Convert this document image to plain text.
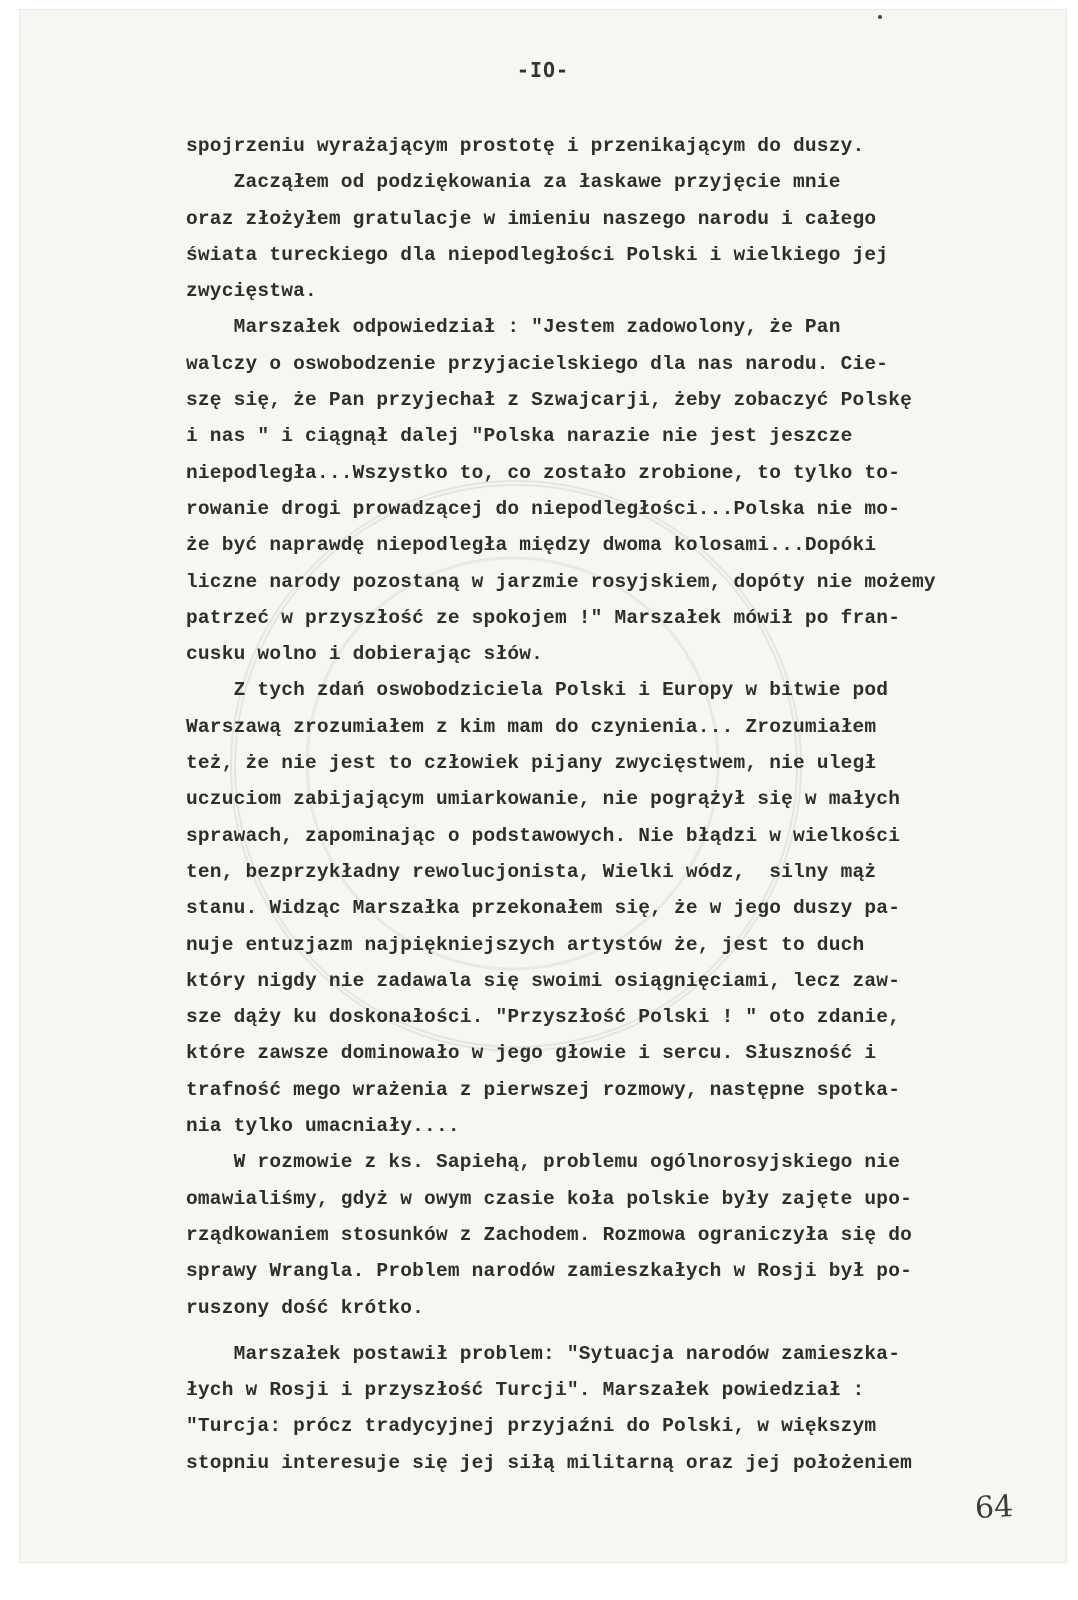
-IO-
spojrzeniu wyrażającym prostotę i przenikającym do duszy.
Zacząłem od podziękowania za łaskawe przyjęcie mnie
oraz złożyłem gratulacje w imieniu naszego narodu i całego
świata tureckiego dla niepodległości Polski i wielkiego jej
zwycięstwa.
Marszałek odpowiedział : "Jestem zadowolony, że Pan
walczy o oswobodzenie przyjacielskiego dla nas narodu. Cie-
szę się, że Pan przyjechał z Szwajcarji, żeby zobaczyć Polskę
i nas " i ciągnął dalej "Polska narazie nie jest jeszcze
niepodległa...Wszystko to, co zostało zrobione, to tylko to-
rowanie drogi prowadzącej do niepodległości...Polska nie mo-
że być naprawdę niepodległa między dwoma kolosami...Dopóki
liczne narody pozostaną w jarzmie rosyjskiem, dopóty nie możemy
patrzeć w przyszłość ze spokojem !" Marszałek mówił po fran-
cusku wolno i dobierając słów.
Z tych zdań oswobodziciela Polski i Europy w bitwie pod
Warszawą zrozumiałem z kim mam do czynienia... Zrozumiałem
też, że nie jest to człowiek pijany zwycięstwem, nie uległ
uczuciom zabijającym umiarkowanie, nie pogrążył się w małych
sprawach, zapominając o podstawowych. Nie błądzi w wielkości
ten, bezprzykładny rewolucjonista, Wielki wódz,  silny mąż
stanu. Widząc Marszałka przekonałem się, że w jego duszy pa-
nuje entuzjazm najpiękniejszych artystów że, jest to duch
który nigdy nie zadawala się swoimi osiągnięciami, lecz zaw-
sze dąży ku doskonałości. "Przyszłość Polski ! " oto zdanie,
które zawsze dominowało w jego głowie i sercu. Słuszność i
trafność mego wrażenia z pierwszej rozmowy, następne spotka-
nia tylko umacniały....
W rozmowie z ks. Sapiehą, problemu ogólnorosyjskiego nie
omawialiśmy, gdyż w owym czasie koła polskie były zajęte upo-
rządkowaniem stosunków z Zachodem. Rozmowa ograniczyła się do
sprawy Wrangla. Problem narodów zamieszkałych w Rosji był po-
ruszony dość krótko.
Marszałek postawił problem: "Sytuacja narodów zamieszka-
łych w Rosji i przyszłość Turcji". Marszałek powiedział :
"Turcja: prócz tradycyjnej przyjaźni do Polski, w większym
stopniu interesuje się jej siłą militarną oraz jej położeniem
64
